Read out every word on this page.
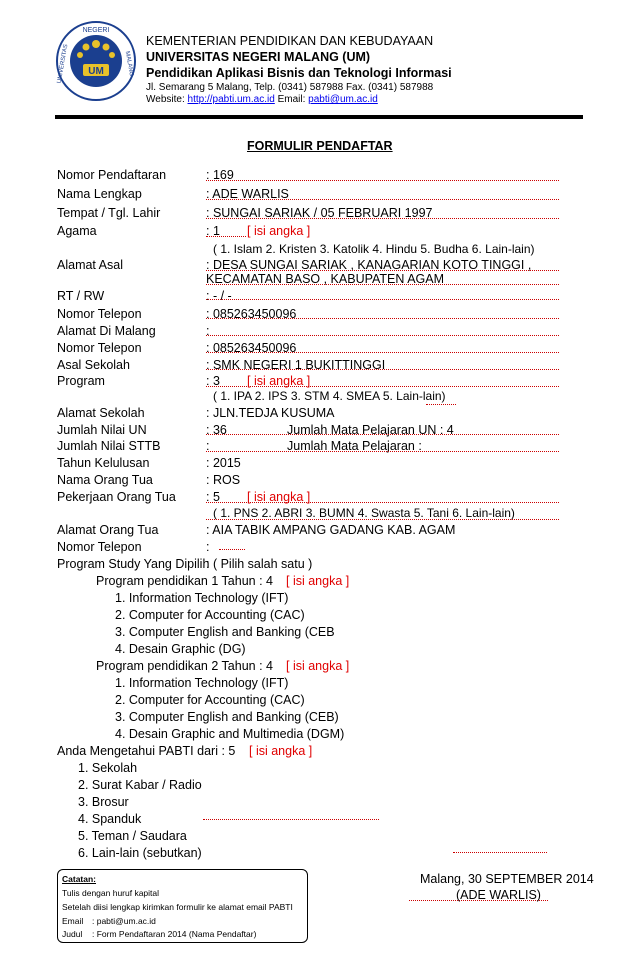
UM
NEGERI
UNIVERSITAS	MALANG
KEMENTERIAN PENDIDIKAN DAN KEBUDAYAAN
UNIVERSITAS NEGERI MALANG (UM)
Pendidikan Aplikasi Bisnis dan Teknologi Informasi
Jl. Semarang 5 Malang, Telp. (0341) 587988 Fax. (0341) 587988
Website: http://pabti.um.ac.id Email: pabti@um.ac.id
FORMULIR PENDAFTAR
Nomor Pendaftaran	: 169
Nama Lengkap	: ADE WARLIS
Tempat / Tgl. Lahir	: SUNGAI SARIAK / 05 FEBRUARI 1997
Agama	: 1 [ isi angka ]
( 1. Islam 2. Kristen 3. Katolik 4. Hindu 5. Budha 6. Lain-lain)
Alamat Asal	: DESA SUNGAI SARIAK , KANAGARIAN KOTO TINGGI ,
KECAMATAN BASO , KABUPATEN AGAM
RT / RW	: - / -
Nomor Telepon	: 085263450096
Alamat Di Malang	:
Nomor Telepon	: 085263450096
Asal Sekolah	: SMK NEGERI 1 BUKITTINGGI
Program	: 3 [ isi angka ]
( 1. IPA 2. IPS 3. STM 4. SMEA 5. Lain-lain)
Alamat Sekolah	: JLN.TEDJA KUSUMA
Jumlah Nilai UN	: 36	Jumlah Mata Pelajaran UN : 4
Jumlah Nilai STTB	:	Jumlah Mata Pelajaran :
Tahun Kelulusan	: 2015
Nama Orang Tua	: ROS
Pekerjaan Orang Tua : 5 [ isi angka ]
( 1. PNS 2. ABRI 3. BUMN 4. Swasta 5. Tani 6. Lain-lain)
Alamat Orang Tua	: AIA TABIK AMPANG GADANG KAB. AGAM
Nomor Telepon	:
Program Study Yang Dipilih
: ( Pilih salah satu )
Program pendidikan 1 Tahun : 4 [ isi angka ]
1. Information Technology (IFT)
2. Computer for Accounting (CAC)
3. Computer English and Banking (CEB
4. Desain Graphic (DG)
Program pendidikan 2 Tahun : 4 [ isi angka ]
1. Information Technology (IFT)
2. Computer for Accounting (CAC)
3. Computer English and Banking (CEB)
4. Desain Graphic and Multimedia (DGM)
Anda Mengetahui PABTI dari : 5 [ isi angka ]
1. Sekolah
2. Surat Kabar / Radio
3. Brosur
4. Spanduk
5. Teman / Saudara
6. Lain-lain (sebutkan)
Malang, 30 SEPTEMBER 2014
(ADE WARLIS)
Catatan:
Tulis dengan huruf kapital
Setelah diisi lengkap kirimkan formulir ke alamat email PABTI
Email : pabti@um.ac.id
Judul : Form Pendaftaran 2014 (Nama Pendaftar)
